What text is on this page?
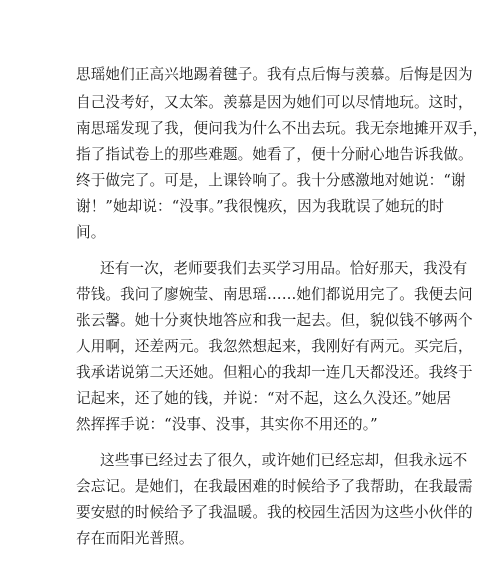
思瑶她们正高兴地踢着毽子。我有点后悔与羡慕。后悔是因为
自己没考好，又太笨。羡慕是因为她们可以尽情地玩。这时，
南思瑶发现了我，便问我为什么不出去玩。我无奈地摊开双手，
指了指试卷上的那些难题。她看了，便十分耐心地告诉我做。
终于做完了。可是，上课铃响了。我十分感激地对她说：“谢
谢！”她却说：“没事。”我很愧疚，因为我耽误了她玩的时
间。
还有一次，老师要我们去买学习用品。恰好那天，我没有
带钱。我问了廖婉莹、南思瑶……她们都说用完了。我便去问
张云馨。她十分爽快地答应和我一起去。但，貌似钱不够两个
人用啊，还差两元。我忽然想起来，我刚好有两元。买完后，
我承诺说第二天还她。但粗心的我却一连几天都没还。我终于
记起来，还了她的钱，并说：“对不起，这么久没还。”她居
然挥挥手说：“没事、没事，其实你不用还的。”
这些事已经过去了很久，或许她们已经忘却，但我永远不
会忘记。是她们，在我最困难的时候给予了我帮助，在我最需
要安慰的时候给予了我温暖。我的校园生活因为这些小伙伴的
存在而阳光普照。
